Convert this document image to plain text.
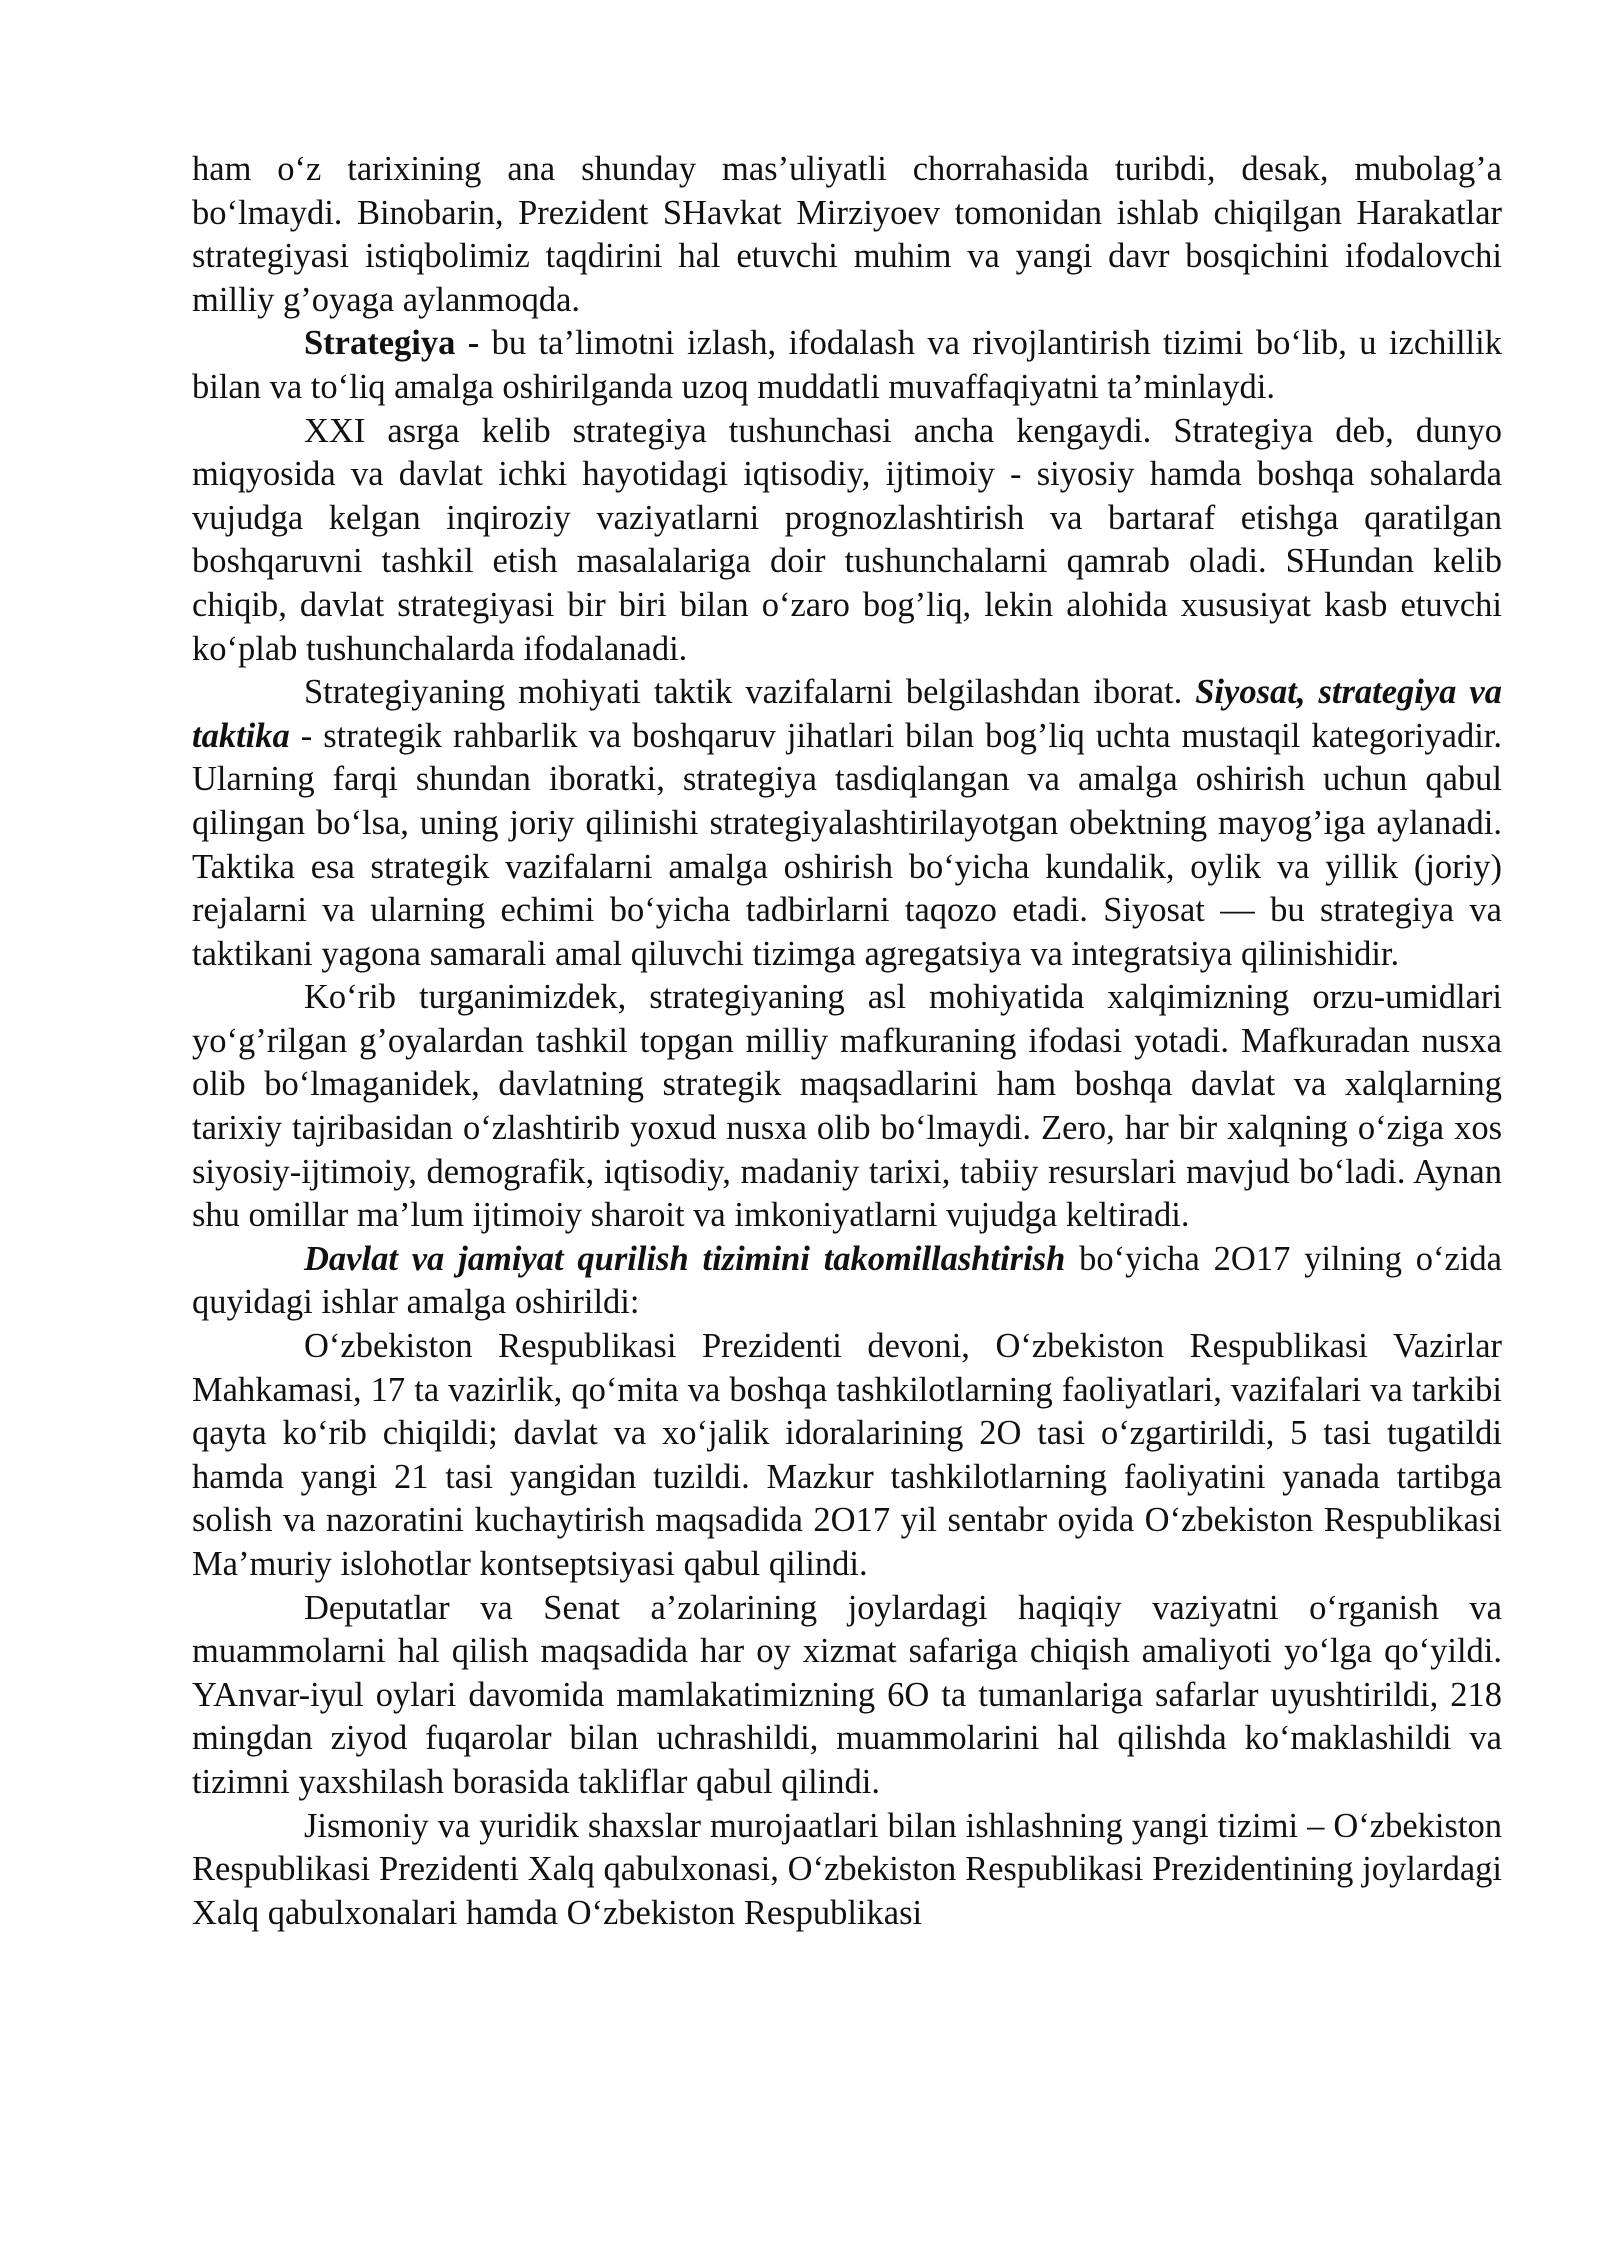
ham o‘z tarixining ana shunday mas’uliyatli chorrahasida turibdi, desak, mubolag’a bo‘lmaydi. Binobarin, Prezident SHavkat Mirziyoev tomonidan ishlab chiqilgan Harakatlar strategiyasi istiqbolimiz taqdirini hal etuvchi muhim va yangi davr bosqichini ifodalovchi milliy g’oyaga aylanmoqda.

Strategiya - bu ta’limotni izlash, ifodalash va rivojlantirish tizimi bo‘lib, u izchillik bilan va to‘liq amalga oshirilganda uzoq muddatli muvaffaqiyatni ta’minlaydi.

XXI asrga kelib strategiya tushunchasi ancha kengaydi. Strategiya deb, dunyo miqyosida va davlat ichki hayotidagi iqtisodiy, ijtimoiy - siyosiy hamda boshqa sohalarda vujudga kelgan inqiroziy vaziyatlarni prognozlashtirish va bartaraf etishga qaratilgan boshqaruvni tashkil etish masalalariga doir tushunchalarni qamrab oladi. SHundan kelib chiqib, davlat strategiyasi bir biri bilan o‘zaro bog’liq, lekin alohida xususiyat kasb etuvchi ko‘plab tushunchalarda ifodalanadi.

Strategiyaning mohiyati taktik vazifalarni belgilashdan iborat. Siyosat, strategiya va taktika - strategik rahbarlik va boshqaruv jihatlari bilan bog’liq uchta mustaqil kategoriyadir. Ularning farqi shundan iboratki, strategiya tasdiqlangan va amalga oshirish uchun qabul qilingan bo‘lsa, uning joriy qilinishi strategiyalashtirilayotgan obektning mayog’iga aylanadi. Taktika esa strategik vazifalarni amalga oshirish bo‘yicha kundalik, oylik va yillik (joriy) rejalarni va ularning echimi bo‘yicha tadbirlarni taqozo etadi. Siyosat — bu strategiya va taktikani yagona samarali amal qiluvchi tizimga agregatsiya va integratsiya qilinishidir.

Ko‘rib turganimizdek, strategiyaning asl mohiyatida xalqimizning orzu-umidlari yo‘g’rilgan g’oyalardan tashkil topgan milliy mafkuraning ifodasi yotadi. Mafkuradan nusxa olib bo‘lmaganidek, davlatning strategik maqsadlarini ham boshqa davlat va xalqlarning tarixiy tajribasidan o‘zlashtirib yoxud nusxa olib bo‘lmaydi. Zero, har bir xalqning o‘ziga xos siyosiy-ijtimoiy, demografik, iqtisodiy, madaniy tarixi, tabiiy resurslari mavjud bo‘ladi. Aynan shu omillar ma’lum ijtimoiy sharoit va imkoniyatlarni vujudga keltiradi.

Davlat va jamiyat qurilish tizimini takomillashtirish bo‘yicha 2O17 yilning o‘zida quyidagi ishlar amalga oshirildi:

O‘zbekiston Respublikasi Prezidenti devoni, O‘zbekiston Respublikasi Vazirlar Mahkamasi, 17 ta vazirlik, qo‘mita va boshqa tashkilotlarning faoliyatlari, vazifalari va tarkibi qayta ko‘rib chiqildi; davlat va xo‘jalik idoralarining 2O tasi o‘zgartirildi, 5 tasi tugatildi hamda yangi 21 tasi yangidan tuzildi. Mazkur tashkilotlarning faoliyatini yanada tartibga solish va nazoratini kuchaytirish maqsadida 2O17 yil sentabr oyida O‘zbekiston Respublikasi Ma’muriy islohotlar kontseptsiyasi qabul qilindi.

Deputatlar va Senat a’zolarining joylardagi haqiqiy vaziyatni o‘rganish va muammolarni hal qilish maqsadida har oy xizmat safariga chiqish amaliyoti yo‘lga qo‘yildi. YAnvar-iyul oylari davomida mamlakatimizning 6O ta tumanlariga safarlar uyushtirildi, 218 mingdan ziyod fuqarolar bilan uchrashildi, muammolarini hal qilishda ko‘maklashildi va tizimni yaxshilash borasida takliflar qabul qilindi.

Jismoniy va yuridik shaxslar murojaatlari bilan ishlashning yangi tizimi – O‘zbekiston Respublikasi Prezidenti Xalq qabulxonasi, O‘zbekiston Respublikasi Prezidentining joylardagi Xalq qabulxonalari hamda O‘zbekiston Respublikasi
